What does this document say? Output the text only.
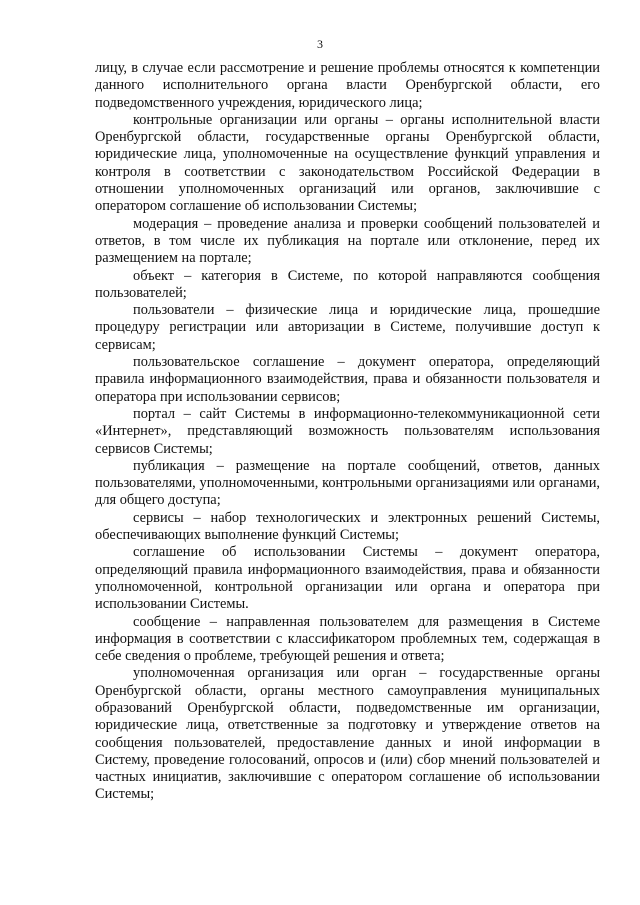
3

лицу, в случае если рассмотрение и решение проблемы относятся к компетенции данного исполнительного органа власти Оренбургской области, его подведомственного учреждения, юридического лица;

контрольные организации или органы – органы исполнительной власти Оренбургской области, государственные органы Оренбургской области, юридические лица, уполномоченные на осуществление функций управления и контроля в соответствии с законодательством Российской Федерации в отношении уполномоченных организаций или органов, заключившие с оператором соглашение об использовании Системы;

модерация – проведение анализа и проверки сообщений пользователей и ответов, в том числе их публикация на портале или отклонение, перед их размещением на портале;

объект – категория в Системе, по которой направляются сообщения пользователей;

пользователи – физические лица и юридические лица, прошедшие процедуру регистрации или авторизации в Системе, получившие доступ к сервисам;

пользовательское соглашение – документ оператора, определяющий правила информационного взаимодействия, права и обязанности пользователя и оператора при использовании сервисов;

портал – сайт Системы в информационно-телекоммуникационной сети «Интернет», представляющий возможность пользователям использования сервисов Системы;

публикация – размещение на портале сообщений, ответов, данных пользователями, уполномоченными, контрольными организациями или органами, для общего доступа;

сервисы – набор технологических и электронных решений Системы, обеспечивающих выполнение функций Системы;

соглашение об использовании Системы – документ оператора, определяющий правила информационного взаимодействия, права и обязанности уполномоченной, контрольной организации или органа и оператора при использовании Системы.

сообщение – направленная пользователем для размещения в Системе информация в соответствии с классификатором проблемных тем, содержащая в себе сведения о проблеме, требующей решения и ответа;

уполномоченная организация или орган – государственные органы Оренбургской области, органы местного самоуправления муниципальных образований Оренбургской области, подведомственные им организации, юридические лица, ответственные за подготовку и утверждение ответов на сообщения пользователей, предоставление данных и иной информации в Систему, проведение голосований, опросов и (или) сбор мнений пользователей и частных инициатив, заключившие с оператором соглашение об использовании Системы;
